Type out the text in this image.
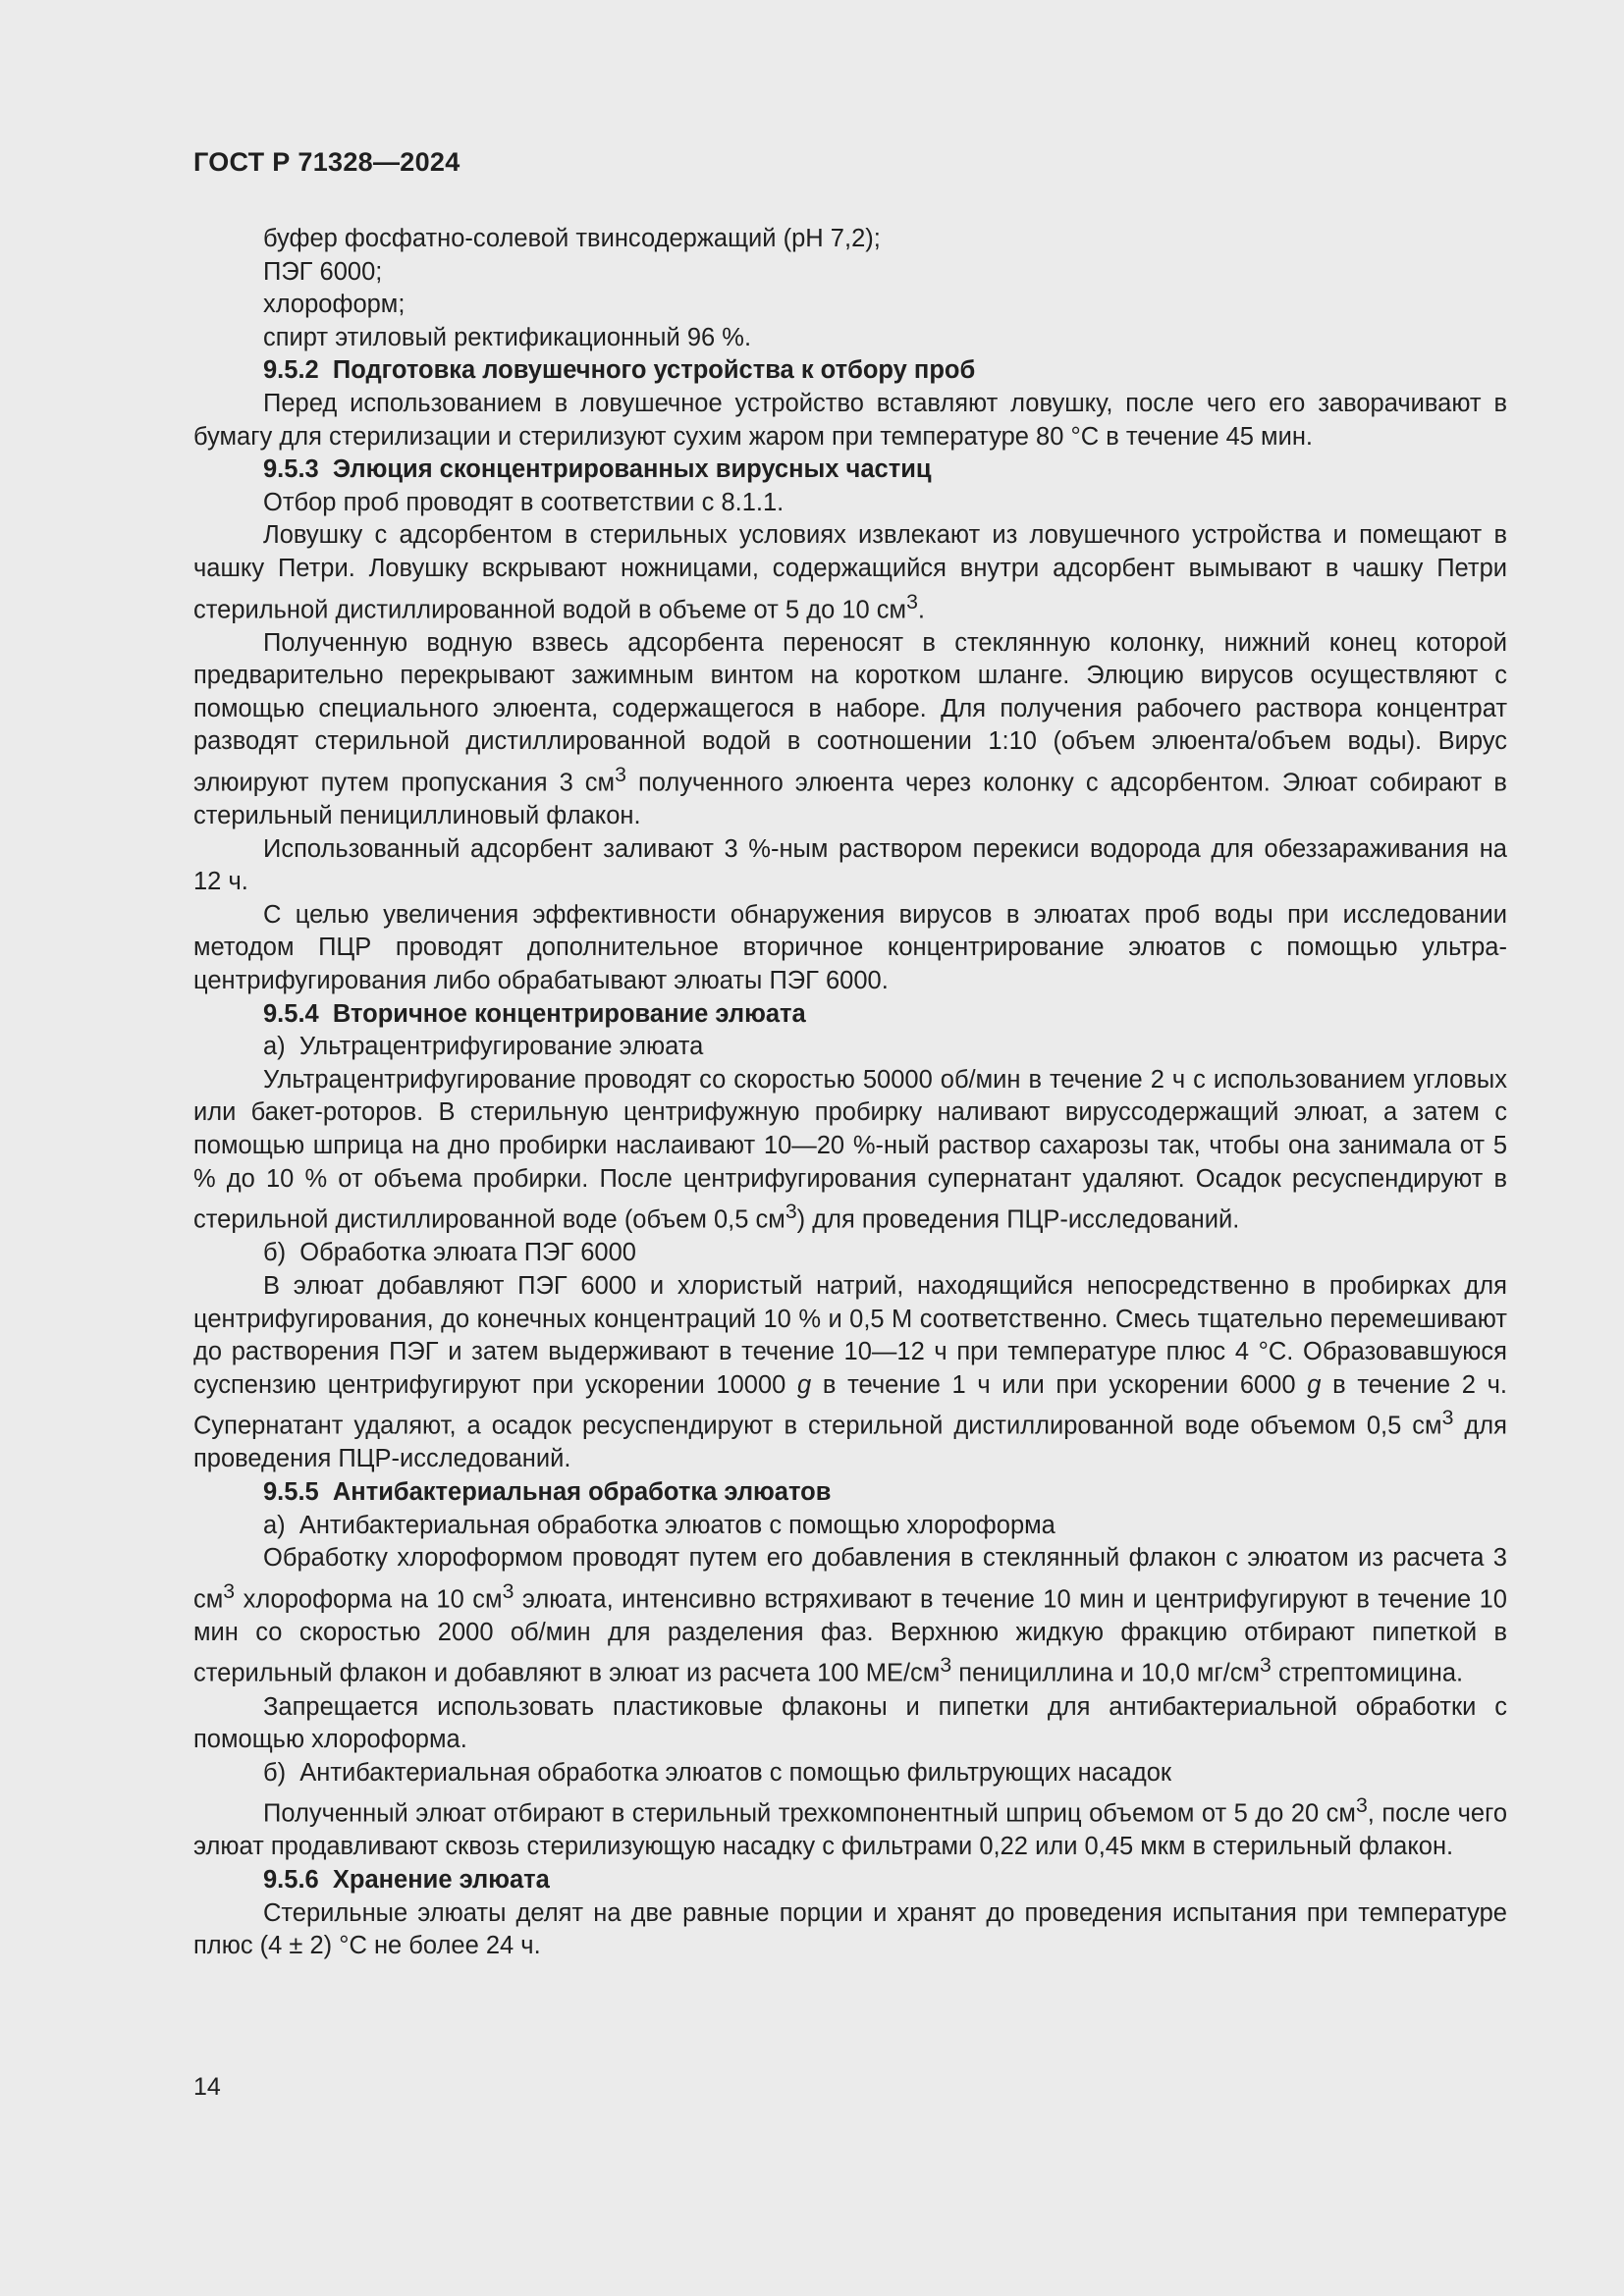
ГОСТ Р 71328—2024

буфер фосфатно-солевой твинсодержащий (рН 7,2);

ПЭГ 6000;

хлороформ;

спирт этиловый ректификационный 96 %.

9.5.2  Подготовка ловушечного устройства к отбору проб

Перед использованием в ловушечное устройство вставляют ловушку, после чего его заворачивают в бумагу для стерилизации и стерилизуют сухим жаром при температуре 80 °С в течение 45 мин.

9.5.3  Элюция сконцентрированных вирусных частиц

Отбор проб проводят в соответствии с 8.1.1.

Ловушку с адсорбентом в стерильных условиях извлекают из ловушечного устройства и помещают в чашку Петри. Ловушку вскрывают ножницами, содержащийся внутри адсорбент вымывают в чашку Петри стерильной дистиллированной водой в объеме от 5 до 10 $см^3$.

Полученную водную взвесь адсорбента переносят в стеклянную колонку, нижний конец которой предварительно перекрывают зажимным винтом на коротком шланге. Элюцию вирусов осуществляют с помощью специального элюента, содержащегося в наборе. Для получения рабочего раствора концентрат разводят стерильной дистиллированной водой в соотношении 1:10 (объем элюента/объем воды). Вирус элюируют путем пропускания 3 $см^3$ полученного элюента через колонку с адсорбентом. Элюат собирают в стерильный пенициллиновый флакон.

Использованный адсорбент заливают 3 %-ным раствором перекиси водорода для обеззараживания на 12 ч.

С целью увеличения эффективности обнаружения вирусов в элюатах проб воды при исследовании методом ПЦР проводят дополнительное вторичное концентрирование элюатов с помощью ультрацентрифугирования либо обрабатывают элюаты ПЭГ 6000.

9.5.4  Вторичное концентрирование элюата

а)  Ультрацентрифугирование элюата

Ультрацентрифугирование проводят со скоростью 50000 об/мин в течение 2 ч с использованием угловых или бакет-роторов. В стерильную центрифужную пробирку наливают вируссодержащий элюат, а затем с помощью шприца на дно пробирки наслаивают 10—20 %-ный раствор сахарозы так, чтобы она занимала от 5 % до 10 % от объема пробирки. После центрифугирования супернатант удаляют. Осадок ресуспендируют в стерильной дистиллированной воде (объем 0,5 $см^3$) для проведения ПЦР-исследований.

б)  Обработка элюата ПЭГ 6000

В элюат добавляют ПЭГ 6000 и хлористый натрий, находящийся непосредственно в пробирках для центрифугирования, до конечных концентраций 10 % и 0,5 М соответственно. Смесь тщательно перемешивают до растворения ПЭГ и затем выдерживают в течение 10—12 ч при температуре плюс 4 °С. Образовавшуюся суспензию центрифугируют при ускорении 10000 g в течение 1 ч или при ускорении 6000 g в течение 2 ч. Супернатант удаляют, а осадок ресуспендируют в стерильной дистиллированной воде объемом 0,5 $см^3$ для проведения ПЦР-исследований.

9.5.5  Антибактериальная обработка элюатов

а)  Антибактериальная обработка элюатов с помощью хлороформа

Обработку хлороформом проводят путем его добавления в стеклянный флакон с элюатом из расчета 3 $см^3$ хлороформа на 10 $см^3$ элюата, интенсивно встряхивают в течение 10 мин и центрифугируют в течение 10 мин со скоростью 2000 об/мин для разделения фаз. Верхнюю жидкую фракцию отбирают пипеткой в стерильный флакон и добавляют в элюат из расчета 100 $МЕ/см^3$ пенициллина и 10,0 $мг/см^3$ стрептомицина.

Запрещается использовать пластиковые флаконы и пипетки для антибактериальной обработки с помощью хлороформа.

б)  Антибактериальная обработка элюатов с помощью фильтрующих насадок

Полученный элюат отбирают в стерильный трехкомпонентный шприц объемом от 5 до 20 $см^3$, после чего элюат продавливают сквозь стерилизующую насадку с фильтрами 0,22 или 0,45 мкм в стерильный флакон.

9.5.6  Хранение элюата

Стерильные элюаты делят на две равные порции и хранят до проведения испытания при температуре плюс (4 ± 2) °С не более 24 ч.

14
